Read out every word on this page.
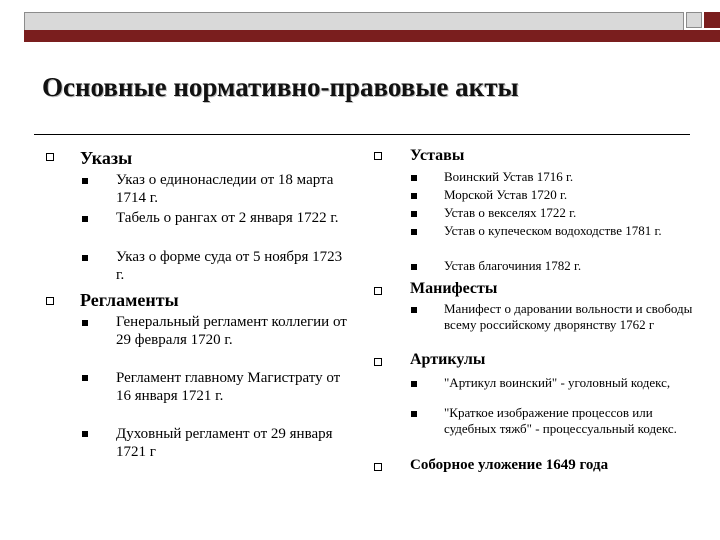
Основные нормативно-правовые акты
Указы
Указ о единонаследии от 18 марта 1714 г.
Табель о рангах от 2 января 1722 г.
Указ о форме суда от 5 ноября 1723 г.
Регламенты
Генеральный регламент коллегии от 29 февраля 1720 г.
Регламент главному Магистрату от 16 января 1721 г.
Духовный регламент от 29 января 1721 г
Уставы
Воинский Устав 1716 г.
Морской Устав 1720 г.
Устав о векселях 1722 г.
Устав о купеческом водоходстве 1781 г.
Устав благочиния 1782 г.
Манифесты
Манифест о даровании вольности и свободы всему российскому дворянству 1762 г
Артикулы
"Артикул воинский" - уголовный кодекс,
"Краткое изображение процессов или судебных тяжб" - процессуальный кодекс.
Соборное уложение 1649 года
